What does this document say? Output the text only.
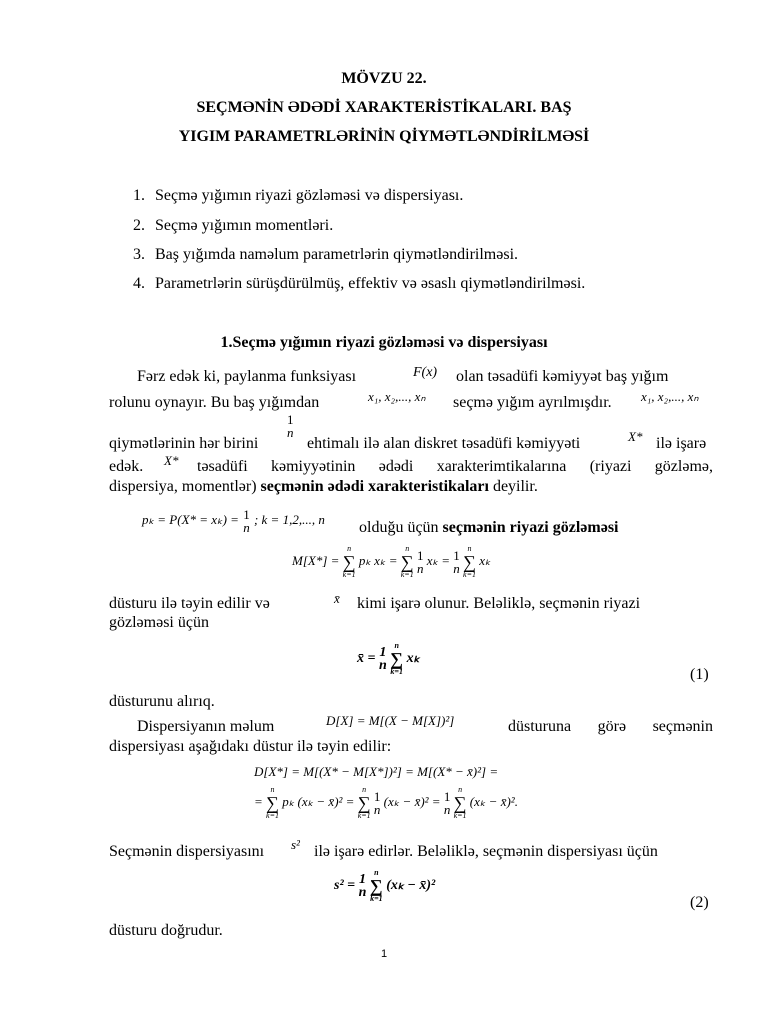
MÖVZU 22.
SEÇMƏNİN ƏDƏDİ XARAKTERİSTİKALARI. BAŞ
YIGIM PARAMETRLƏRİNİN QİYMƏTLƏNDİRİLMƏSİ
1. Seçmə yığımın riyazi gözləməsi və dispersiyası.
2. Seçmə yığımın momentləri.
3. Baş yığımda naməlum parametrlərin qiymətləndirilməsi.
4. Parametrlərin sürüşdürülmüş, effektiv və əsaslı qiymətləndirilməsi.
1.Seçmə yığımın riyazi gözləməsi və dispersiyası
Fərz edək ki, paylanma funksiyası	F(x) olan təsadüfi kəmiyyət baş yığım
rolunu oynayır. Bu baş yığımdan	x₁, x₂,..., xₙ seçmə yığım ayrılmışdır. x₁, x₂,..., xₙ
qiymətlərinin hər birini
1
n
ehtimalı ilə alan diskret təsadüfi kəmiyyəti	X* ilə işarə
edək. X* təsadüfi kəmiyyətinin ədədi xarakterimtikalarına (riyazi gözləmə,
dispersiya, momentlər) seçmənin ədədi xarakteristikaları deyilir.
pₖ = P(X* = xₖ) = 1
n
; k = 1,2,..., n olduğu üçün seçmənin riyazi gözləməsi
M[X*] =
n
∑
k=1
pₖ xₖ =
n
∑
k=1

1
n
xₖ = 1
n

n
∑
k=1
xₖ
düsturu ilə təyin edilir və	x̄ kimi işarə olunur. Beləliklə, seçmənin riyazi
gözləməsi üçün
x̄ = 1
n

n
∑
k=1
xₖ
(1)
düsturunu alırıq.
Dispersiyanın məlum	D[X] = M[(X − M[X])²]	düsturuna görə seçmənin
dispersiyası aşağıdakı düstur ilə təyin edilir:
D[X*] = M[(X* − M[X*])²] = M[(X* − x̄)²] =
=
n
∑
k=1
pₖ (xₖ − x̄)² =
n
∑
k=1

1
n
(xₖ − x̄)² = 1
n

n
∑
k=1
(xₖ − x̄)².
Seçmənin dispersiyasını s² ilə işarə edirlər. Beləliklə, seçmənin dispersiyası üçün
s² = 1
n

n
∑
k=1
(xₖ − x̄)²
(2)
düsturu doğrudur.
1
